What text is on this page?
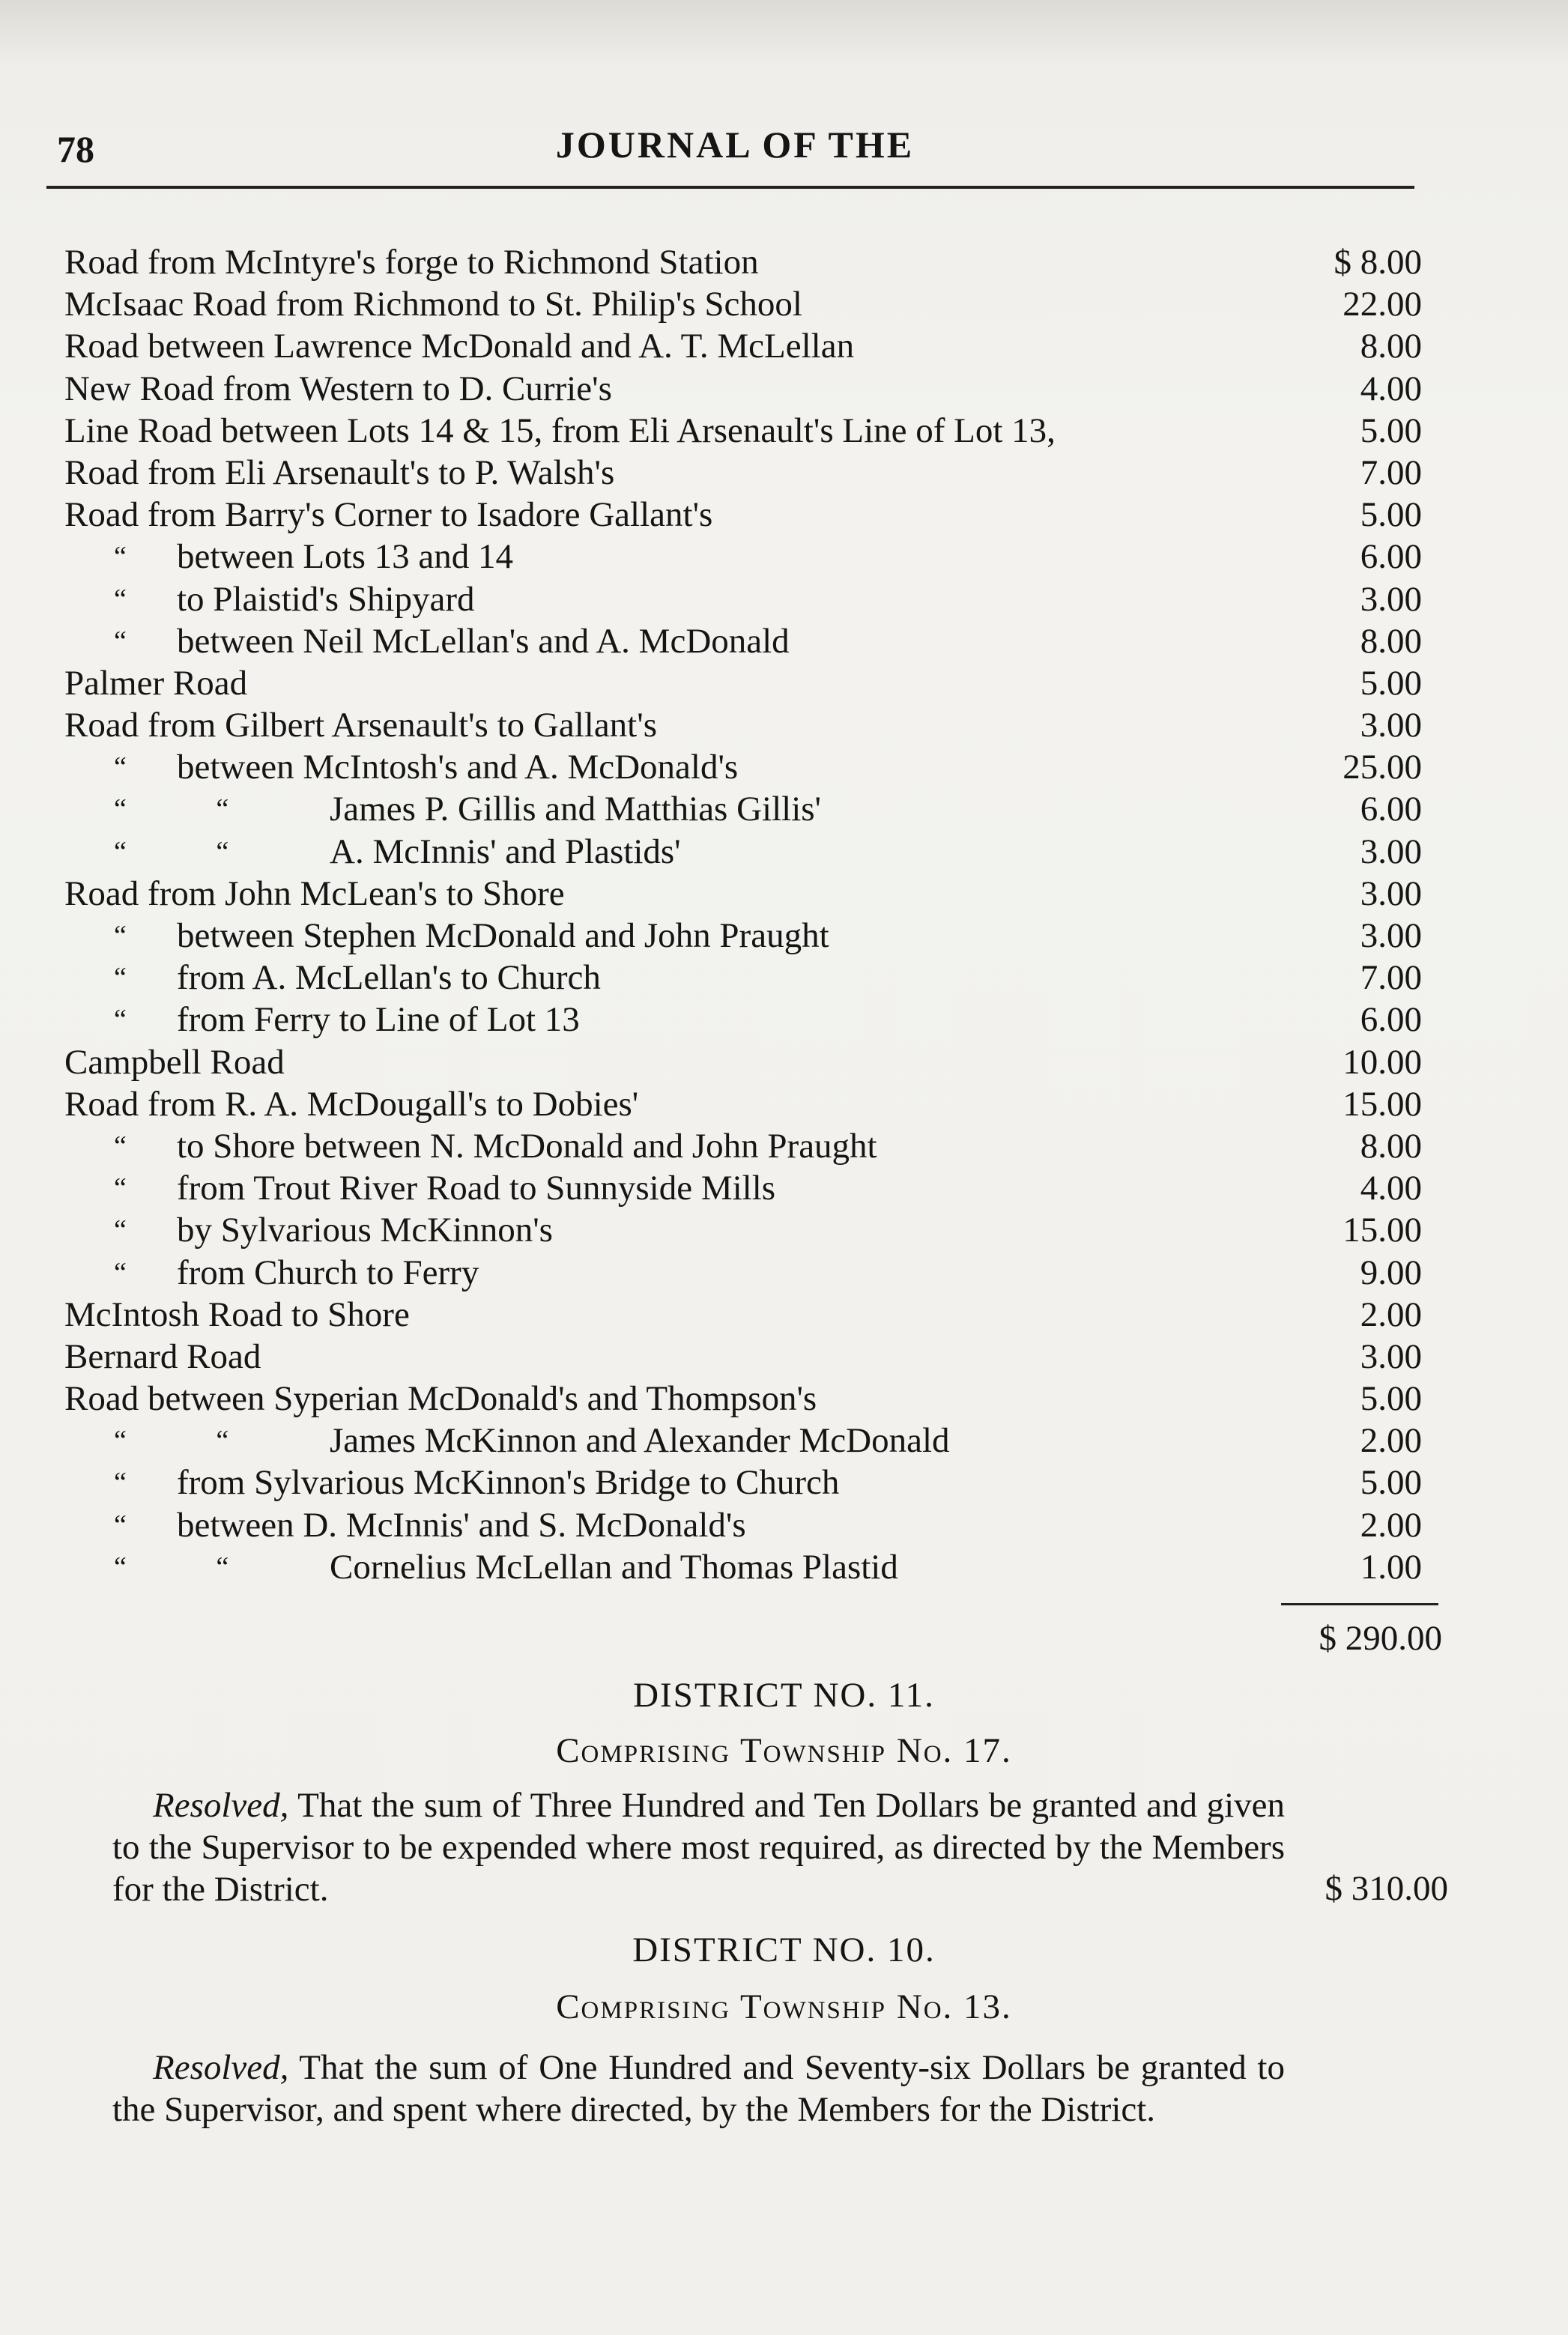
78	JOURNAL OF THE
Road from McIntyre's forge to Richmond Station	$ 8.00
McIsaac Road from Richmond to St. Philip's School	22.00
Road between Lawrence McDonald and A. T. McLellan	8.00
New Road from Western to D. Currie's	4.00
Line Road between Lots 14 & 15, from Eli Arsenault's Line of Lot 13,	5.00
Road from Eli Arsenault's to P. Walsh's	7.00
Road from Barry's Corner to Isadore Gallant's	5.00
“ between Lots 13 and 14	6.00
“ to Plaistid's Shipyard	3.00
“ between Neil McLellan's and A. McDonald	8.00
Palmer Road	5.00
Road from Gilbert Arsenault's to Gallant's	3.00
“ between McIntosh's and A. McDonald's	25.00
“ “	James P. Gillis and Matthias Gillis'	6.00
“ “	A. McInnis' and Plastids'	3.00
Road from John McLean's to Shore	3.00
“ between Stephen McDonald and John Praught	3.00
“ from A. McLellan's to Church	7.00
“ from Ferry to Line of Lot 13	6.00
Campbell Road	10.00
Road from R. A. McDougall's to Dobies'	15.00
“ to Shore between N. McDonald and John Praught	8.00
“ from Trout River Road to Sunnyside Mills	4.00
“ by Sylvarious McKinnon's	15.00
“ from Church to Ferry	9.00
McIntosh Road to Shore	2.00
Bernard Road	3.00
Road between Syperian McDonald's and Thompson's	5.00
“ “	James McKinnon and Alexander McDonald	2.00
“ from Sylvarious McKinnon's Bridge to Church	5.00
“ between D. McInnis' and S. McDonald's	2.00
“ “	Cornelius McLellan and Thomas Plastid	1.00
$ 290.00
DISTRICT NO. 11.
Comprising Township No. 17.
Resolved, That the sum of Three Hundred and Ten Dollars be granted and given to the Supervisor to be expended where most required, as directed by the Members for the District.	$ 310.00
DISTRICT NO. 10.
Comprising Township No. 13.
Resolved, That the sum of One Hundred and Seventy-six Dollars be granted to the Supervisor, and spent where directed, by the Members for the District.
